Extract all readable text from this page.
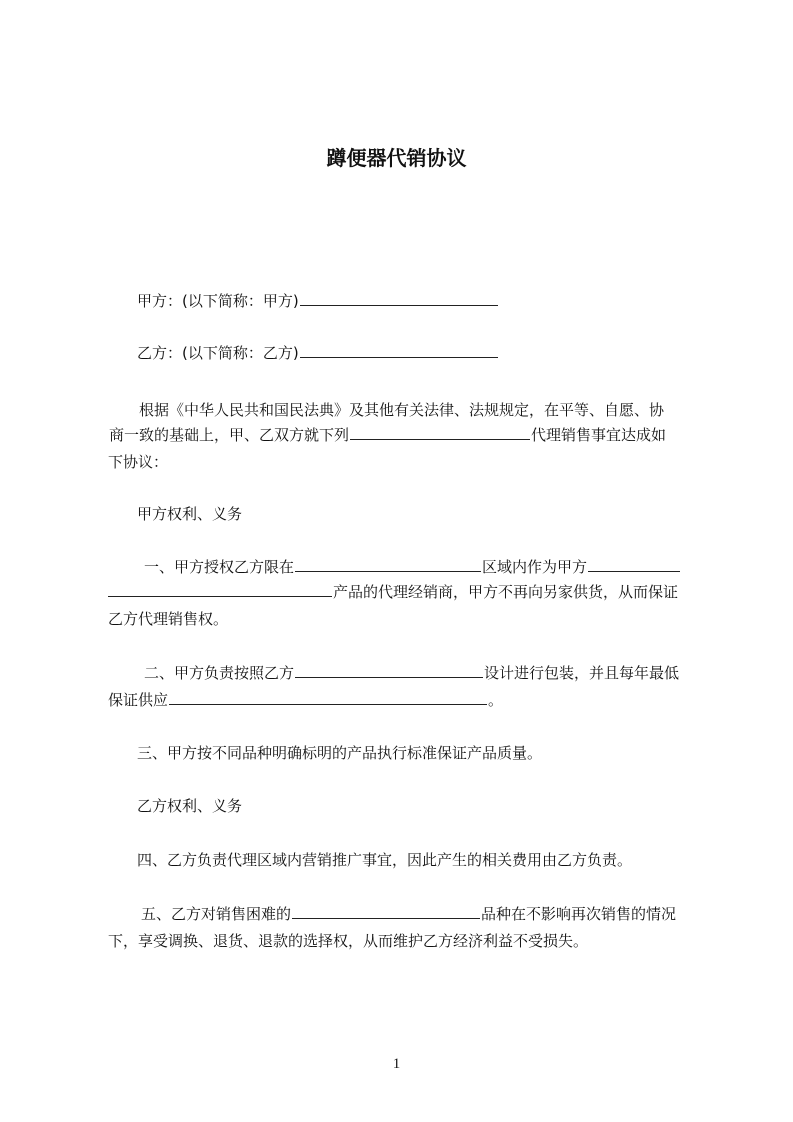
蹲便器代销协议
甲方：(以下简称：甲方)
乙方：(以下简称：乙方)
根据《中华人民共和国民法典》及其他有关法律、法规规定，在平等、自愿、协
商一致的基础上，甲、乙双方就下列	代理销售事宜达成如
下协议：
甲方权利、义务
一、甲方授权乙方限在	区域内作为甲方
产品的代理经销商，甲方不再向另家供货，从而保证
乙方代理销售权。
二、甲方负责按照乙方	设计进行包装，并且每年最低
保证供应	。
三、甲方按不同品种明确标明的产品执行标准保证产品质量。
乙方权利、义务
四、乙方负责代理区域内营销推广事宜，因此产生的相关费用由乙方负责。
五、乙方对销售困难的	品种在不影响再次销售的情况
下，享受调换、退货、退款的选择权，从而维护乙方经济利益不受损失。
1
